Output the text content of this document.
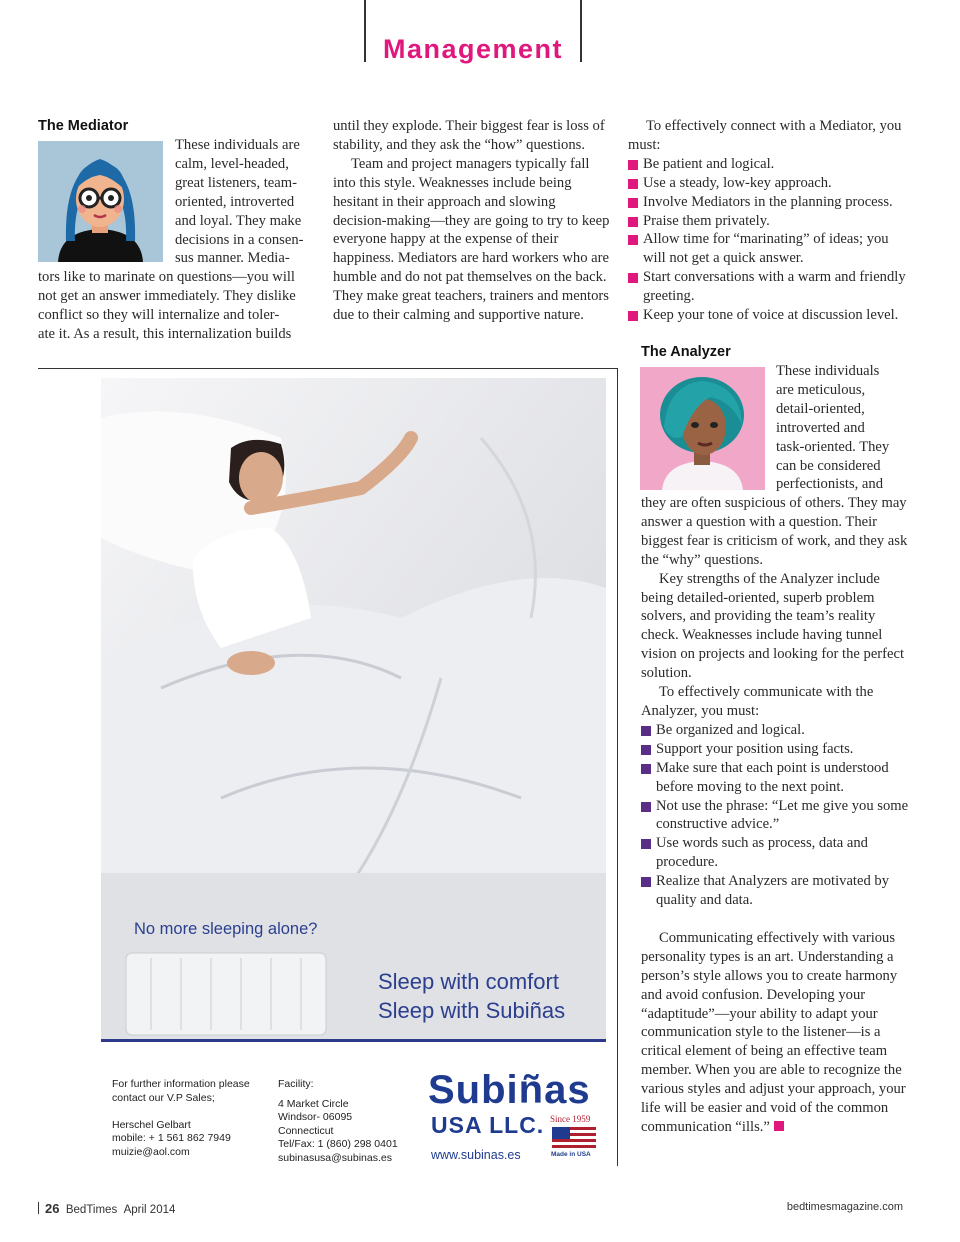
Management
The Mediator
These individuals are
calm, level-headed,
great listeners, team-
oriented, introverted
and loyal. They make
decisions in a consen-
sus manner. Media-
tors like to marinate on questions—you will
not get an answer immediately. They dislike
conflict so they will internalize and toler-
ate it. As a result, this internalization builds

until they explode. Their biggest fear is loss of stability, and they ask the “how” questions.

Team and project managers typically fall into this style. Weaknesses include being hesitant in their approach and slowing decision-making—they are going to try to keep everyone happy at the expense of their happiness. Mediators are hard workers who are humble and do not pat themselves on the back. They make great teachers, trainers and mentors due to their calming and supportive nature.

To effectively connect with a Mediator, you must:

Be patient and logical.
Use a steady, low-key approach.
Involve Mediators in the planning process.
Praise them privately.
Allow time for “marinating” of ideas; you will not get a quick answer.
Start conversations with a warm and friendly greeting.
Keep your tone of voice at discussion level.
The Analyzer
These individuals
are meticulous,
detail-oriented,
introverted and
task-oriented. They
can be considered
perfectionists, and

they are often suspicious of others. They may answer a question with a question. Their biggest fear is criticism of work, and they ask the “why” questions.

Key strengths of the Analyzer include being detailed-oriented, superb problem solvers, and providing the team’s reality check. Weaknesses include having tunnel vision on projects and looking for the perfect solution.

To effectively communicate with the Analyzer, you must:

Be organized and logical.
Support your position using facts.
Make sure that each point is understood before moving to the next point.
Not use the phrase: “Let me give you some constructive advice.”
Use words such as process, data and procedure.
Realize that Analyzers are motivated by quality and data.

Communicating effectively with various personality types is an art. Understanding a person’s style allows you to create harmony and avoid confusion. Developing your “adaptitude”—your ability to adapt your communication style to the listener—is a critical element of being an effective team member. When you are able to recognize the various styles and adjust your approach, your life will be easier and void of the common communication “ills.”

No more sleeping alone?
Sleep with comfort
Sleep with Subiñas
For further information please
contact our V.P Sales;
Herschel Gelbart
mobile: + 1 561 862 7949
muizie@aol.com
Facility:
4 Market Circle
Windsor- 06095
Connecticut
Tel/Fax: 1 (860) 298 0401
subinasusa@subinas.es
Subiñas
USA LLC. Since 1959
Made in USA
www.subinas.es
26 BedTimes April 2014	bedtimesmagazine.com
